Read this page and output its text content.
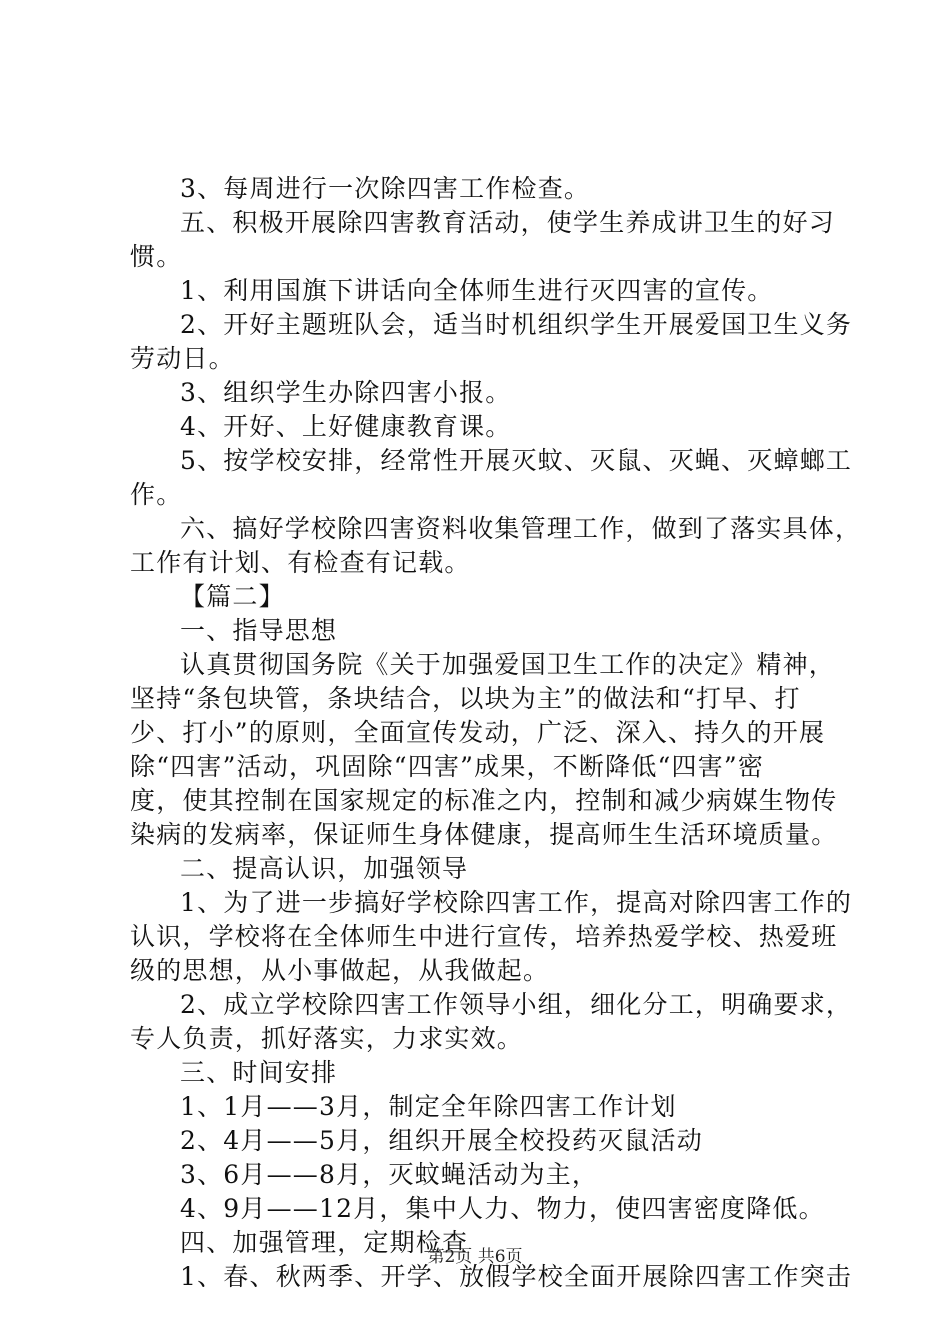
3、每周进行一次除四害工作检查。
五、积极开展除四害教育活动，使学生养成讲卫生的好习
惯。
1、利用国旗下讲话向全体师生进行灭四害的宣传。
2、开好主题班队会，适当时机组织学生开展爱国卫生义务
劳动日。
3、组织学生办除四害小报。
4、开好、上好健康教育课。
5、按学校安排，经常性开展灭蚊、灭鼠、灭蝇、灭蟑螂工
作。
六、搞好学校除四害资料收集管理工作，做到了落实具体，
工作有计划、有检查有记载。
【篇二】
一、指导思想
认真贯彻国务院《关于加强爱国卫生工作的决定》精神，
坚持“条包块管，条块结合，以块为主”的做法和“打早、打
少、打小”的原则，全面宣传发动，广泛、深入、持久的开展
除“四害”活动，巩固除“四害”成果，不断降低“四害”密
度，使其控制在国家规定的标准之内，控制和减少病媒生物传
染病的发病率，保证师生身体健康，提高师生生活环境质量。
二、提高认识，加强领导
1、为了进一步搞好学校除四害工作，提高对除四害工作的
认识，学校将在全体师生中进行宣传，培养热爱学校、热爱班
级的思想，从小事做起，从我做起。
2、成立学校除四害工作领导小组，细化分工，明确要求，
专人负责，抓好落实，力求实效。
三、时间安排
1、1月——3月，制定全年除四害工作计划
2、4月——5月，组织开展全校投药灭鼠活动
3、6月——8月，灭蚊蝇活动为主，
4、9月——12月，集中人力、物力，使四害密度降低。
四、加强管理，定期检查
1、春、秋两季、开学、放假学校全面开展除四害工作突击
第2页 共6页
